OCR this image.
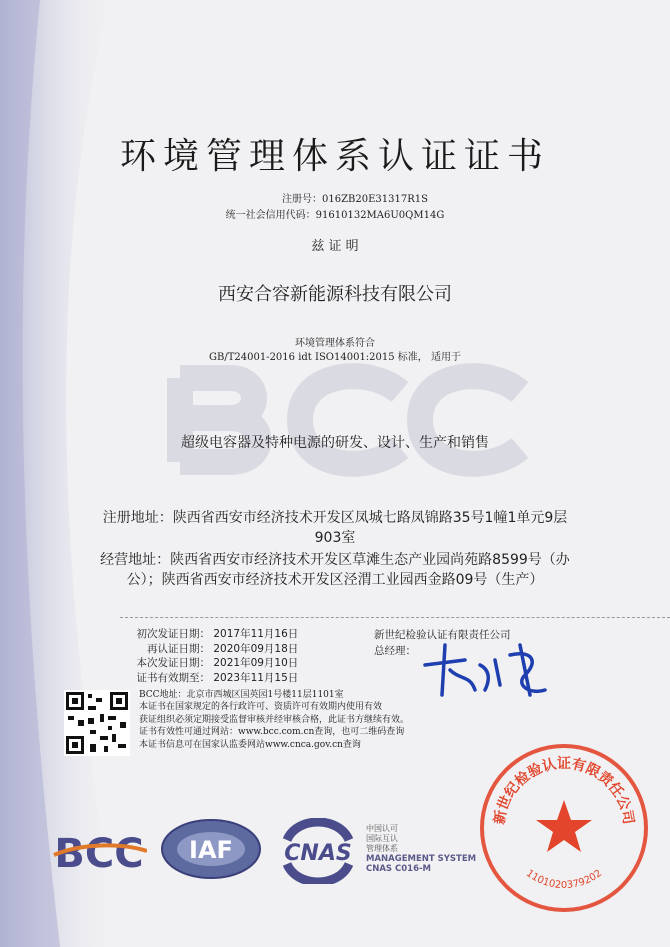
环境管理体系认证证书
注册号：016ZB20E31317R1S
统一社会信用代码：91610132MA6U0QM14G
兹 证 明
西安合容新能源科技有限公司
环境管理体系符合
GB/T24001-2016 idt ISO14001:2015 标准， 适用于
超级电容器及特种电源的研发、设计、生产和销售
注册地址：陕西省西安市经济技术开发区凤城七路凤锦路35号1幢1单元9层
903室
经营地址：陕西省西安市经济技术开发区草滩生态产业园尚苑路8599号（办
公）；陕西省西安市经济技术开发区泾渭工业园西金路09号（生产）
初次发证日期： 2017年11月16日
再认证日期： 2020年09月18日
本次发证日期： 2021年09月10日
证书有效期至： 2023年11月15日
新世纪检验认证有限责任公司
总经理：
BCC地址：北京市西城区国英园1号楼11层1101室
本证书在国家规定的各行政许可、资质许可有效期内使用有效
获证组织必须定期接受监督审核并经审核合格，此证书方继续有效。
证书有效性可通过网站：www.bcc.com.cn查询，也可二维码查询
本证书信息可在国家认监委网站www.cnca.gov.cn查询
BCC IAF CNAS
中国认可
国际互认
管理体系
MANAGEMENT SYSTEM
CNAS C016-M
新世纪检验认证有限责任公司
1101020379202
